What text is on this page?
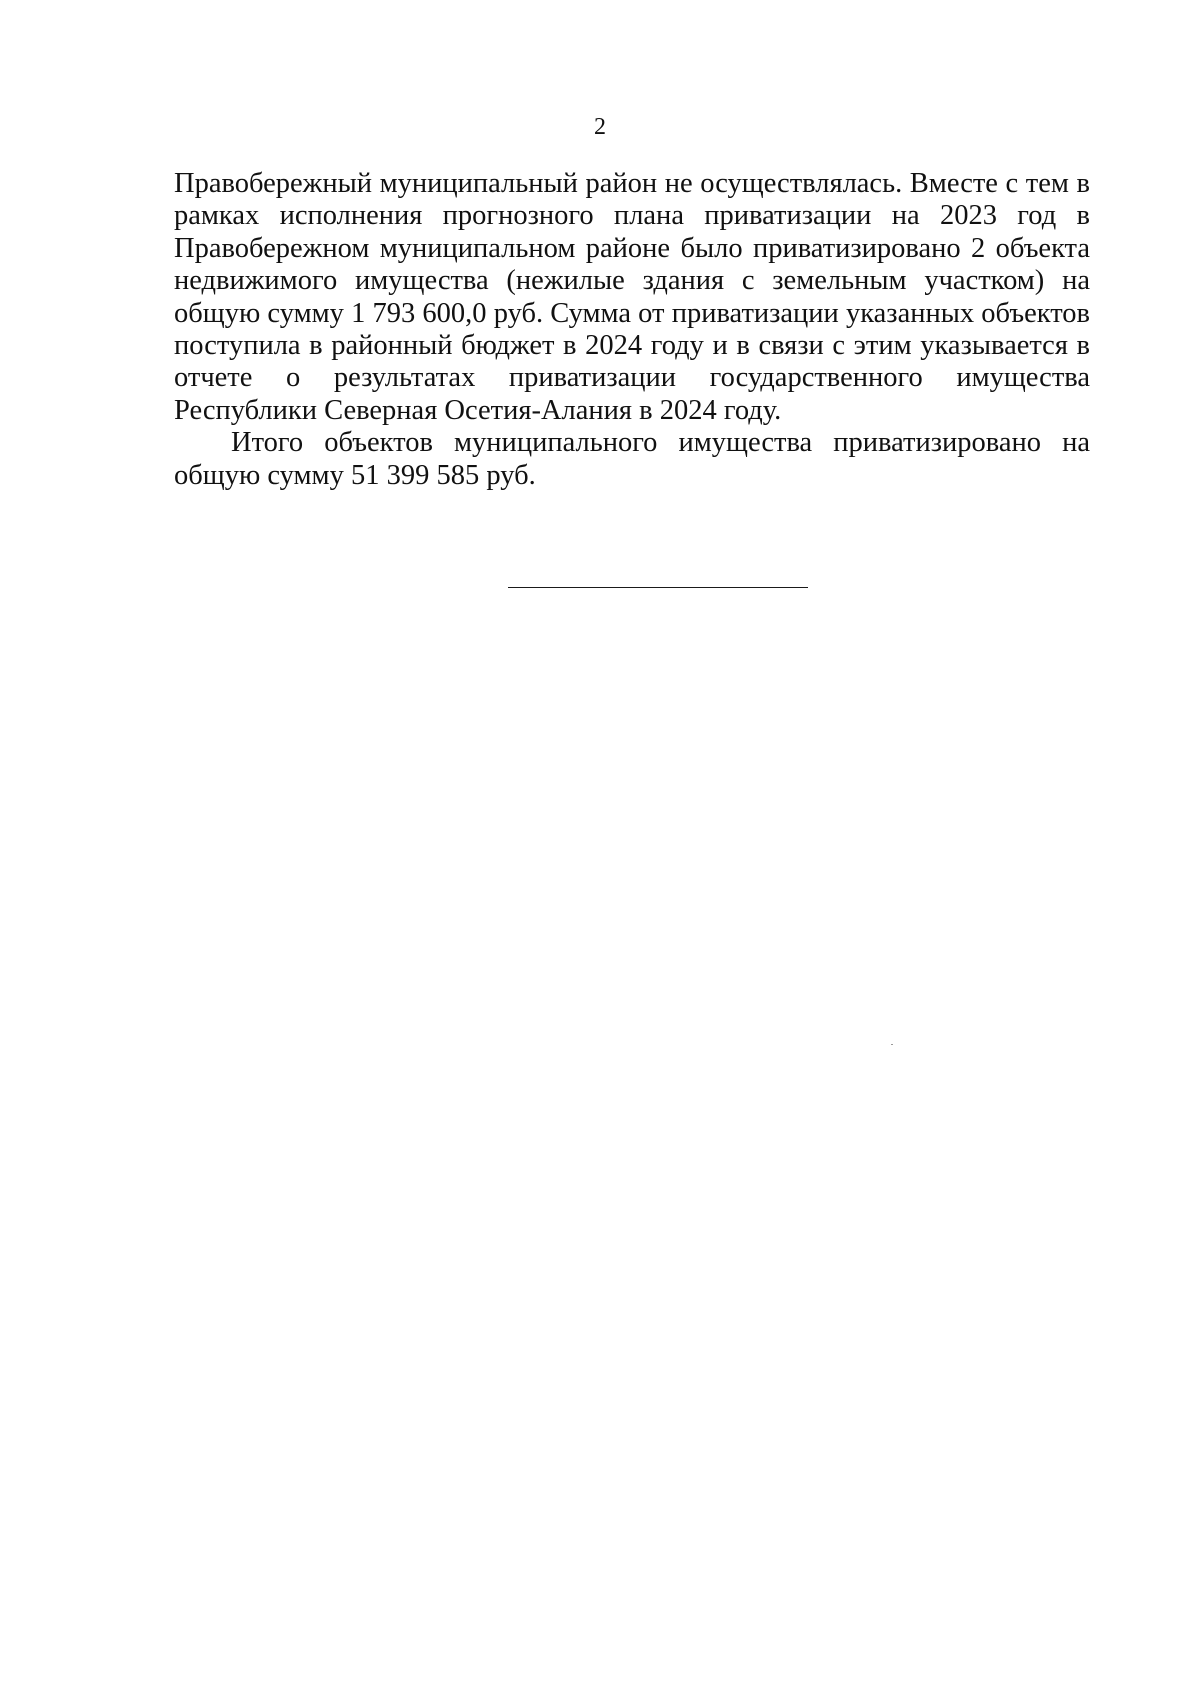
2
Правобережный муниципальный район не осуществлялась. Вместе с тем в
рамках исполнения прогнозного плана приватизации на 2023 год в
Правобережном муниципальном районе было приватизировано 2 объекта
недвижимого имущества (нежилые здания с земельным участком) на
общую сумму 1 793 600,0 руб. Сумма от приватизации указанных объектов
поступила в районный бюджет в 2024 году и в связи с этим указывается в
отчете о результатах приватизации государственного имущества
Республики Северная Осетия-Алания в 2024 году.
Итого объектов муниципального имущества приватизировано на
общую сумму 51 399 585 руб.
